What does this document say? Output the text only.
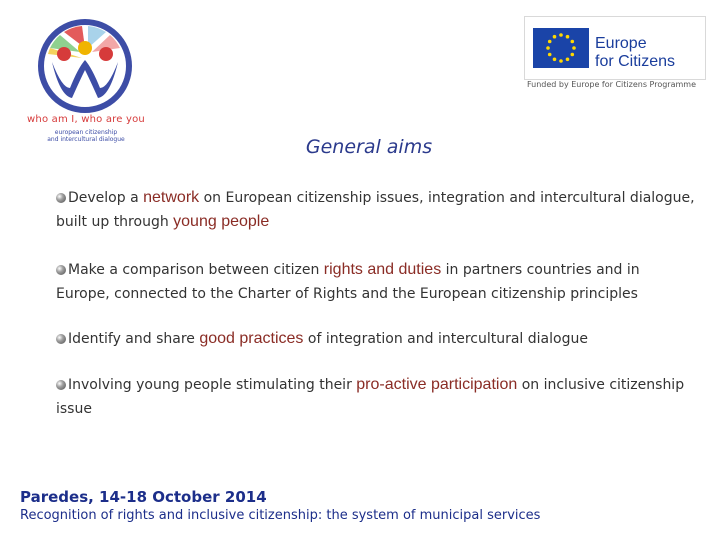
who am I, who are you
european citizenship
and intercultural dialogue
Europe
for Citizens
Funded by Europe for Citizens Programme
General aims
Develop a network on European citizenship issues, integration and intercultural dialogue, built up through young people
Make a comparison between citizen rights and duties in partners countries and in Europe, connected to the Charter of Rights and the European citizenship principles
Identify and share good practices of integration and intercultural dialogue
Involving young people stimulating their pro-active participation on inclusive citizenship issue
Paredes, 14-18 October 2014
Recognition of rights and inclusive citizenship: the system of municipal services
